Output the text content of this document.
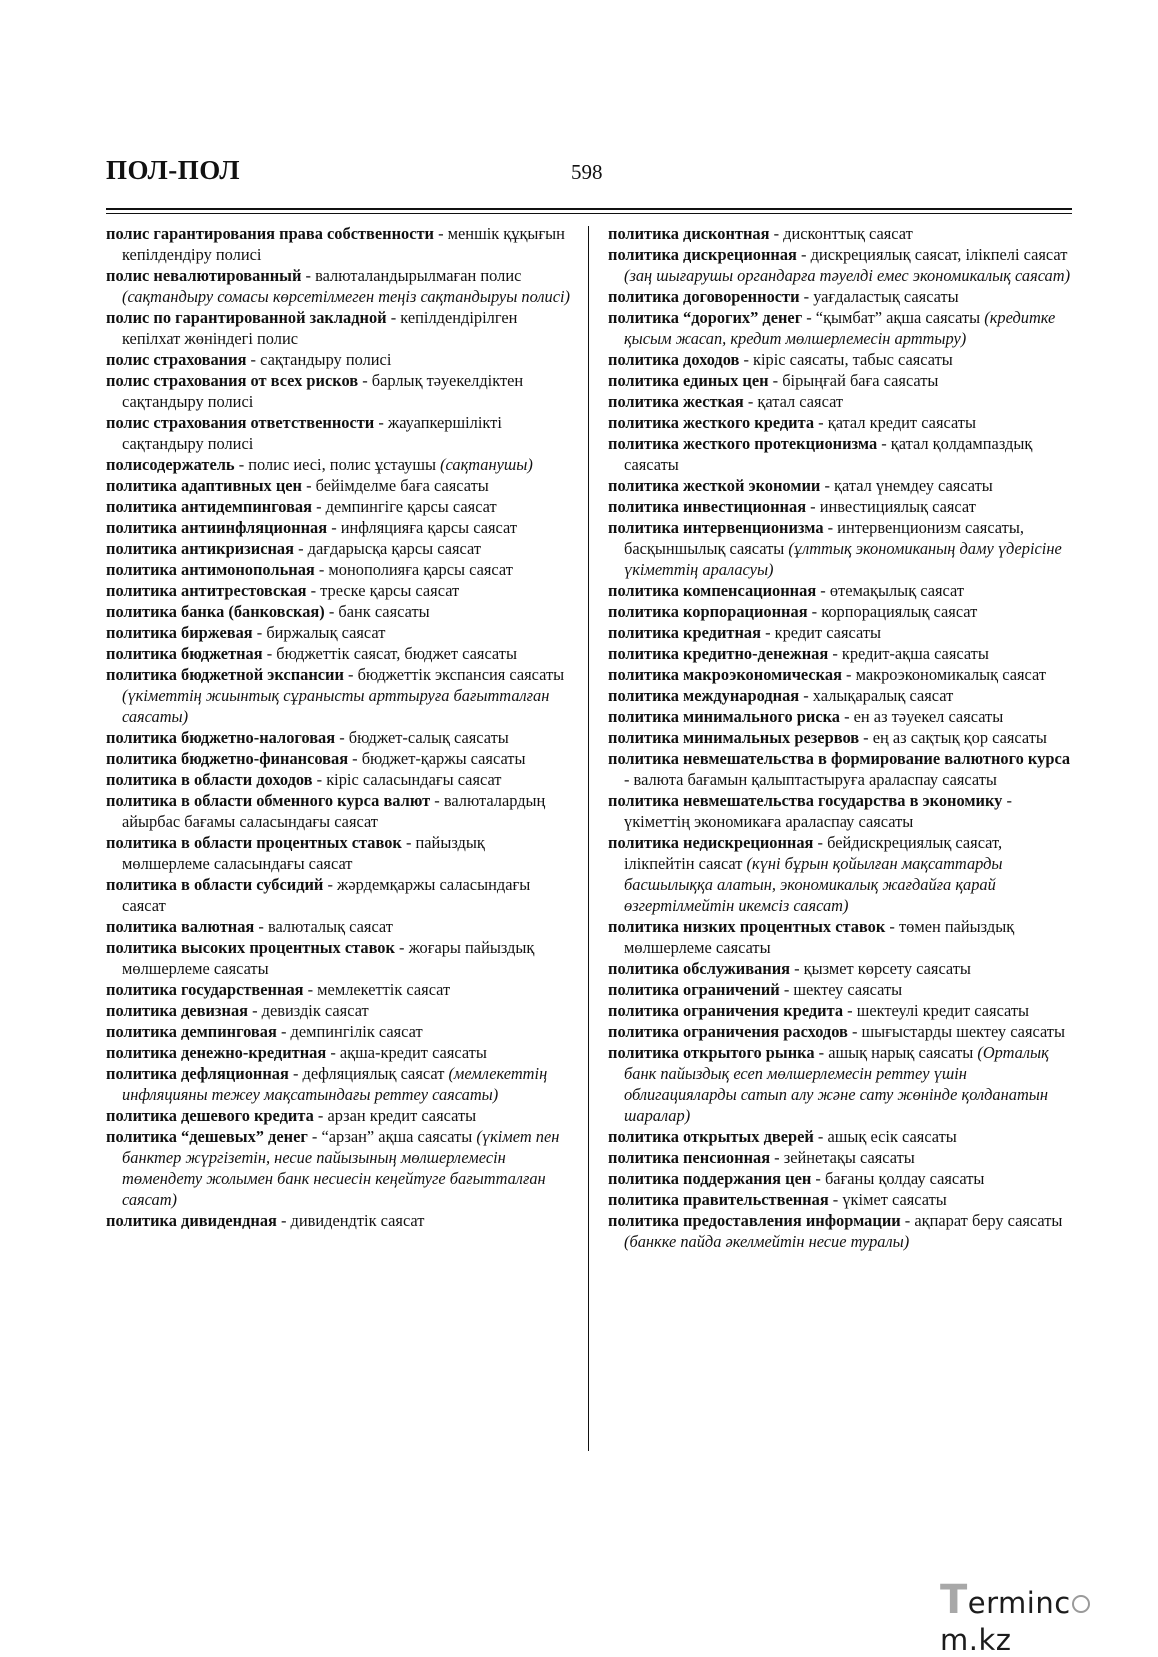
ПОЛ-ПОЛ	598
полис гарантирования права собственности - меншік құқығын кепілдендіру полисі
полис невалютированный - валюталандырылмаған полис (сақтандыру сомасы көрсетілмеген теңіз сақтандыруы полисі)
полис по гарантированной закладной - кепілдендірілген кепілхат жөніндегі полис
полис страхования - сақтандыру полисі
полис страхования от всех рисков - барлық тәуекелдіктен сақтандыру полисі
полис страхования ответственности - жауапкершіліктi сақтандыру полисі
полисодержатель - полис иесі, полис ұстаушы (сақтанушы)
политика адаптивных цен - бейімделме баға саясаты
политика антидемпинговая - демпингіге қарсы саясат
политика антиинфляционная - инфляцияға қарсы саясат
политика антикризисная - дағдарысқа қарсы саясат
политика антимонопольная - монополияға қарсы саясат
политика антитрестовская - треске қарсы саясат
политика банка (банковская) - банк саясаты
политика биржевая - биржалық саясат
политика бюджетная - бюджеттік саясат, бюджет саясаты
политика бюджетной экспансии - бюджеттік экспансия саясаты (үкіметтің жиынтық сұранысты арттыруға бағытталған саясаты)
политика бюджетно-налоговая - бюджет-салық саясаты
политика бюджетно-финансовая - бюджет-қаржы саясаты
политика в области доходов - кіріс саласындағы саясат
политика в области обменного курса валют - валюталардың айырбас бағамы саласындағы саясат
политика в области процентных ставок - пайыздық мөлшерлеме саласындағы саясат
политика в области субсидий - жәрдемқаржы саласындағы саясат
политика валютная - валюталық саясат
политика высоких процентных ставок - жоғары пайыздық мөлшерлеме саясаты
политика государственная - мемлекеттік саясат
политика девизная - девиздік саясат
политика демпинговая - демпингілік саясат
политика денежно-кредитная - ақша-кредит саясаты
политика дефляционная - дефляциялық саясат (мемлекеттің инфляцияны тежеу мақсатындағы реттеу саясаты)
политика дешевого кредита - арзан кредит саясаты
политика “дешевых” денег - “арзан” ақша саясаты (үкімет пен банктер жүргізетін, несие пайызының мөлшерлемесін төмендету жолымен банк несиесін кеңейтуге бағытталған саясат)
политика дивидендная - дивидендтік саясат
политика дисконтная - дисконттық саясат
политика дискреционная - дискрециялық саясат, ілікпелі саясат (заң шығарушы органдарға тәуелді емес экономикалық саясат)
политика договоренности - уағдаластық саясаты
политика “дорогих” денег - “қымбат” ақша саясаты (кредитке қысым жасап, кредит мөлшерлемесін арттыру)
политика доходов - кіріс саясаты, табыс саясаты
политика единых цен - бірыңғай баға саясаты
политика жесткая - қатал саясат
политика жесткого кредита - қатал кредит саясаты
политика жесткого протекционизма - қатал қолдампаздық саясаты
политика жесткой экономии - қатал үнемдеу саясаты
политика инвестиционная - инвестициялық саясат
политика интервенционизма - интервенционизм саясаты, басқыншылық саясаты (ұлттық экономиканың даму үдерісіне үкіметтің араласуы)
политика компенсационная - өтемақылық саясат
политика корпорационная - корпорациялық саясат
политика кредитная - кредит саясаты
политика кредитно-денежная - кредит-ақша саясаты
политика макроэкономическая - макроэкономикалық саясат
политика международная - халықаралық саясат
политика минимального риска - ен аз тәуекел саясаты
политика минимальных резервов - ең аз сақтық қор саясаты
политика невмешательства в формирование валютного курса - валюта бағамын қалыптастыруға араласпау саясаты
политика невмешательства государства в экономику - үкіметтің экономикаға араласпау саясаты
политика недискреционная - бейдискрециялық саясат, ілікпейтін саясат (күні бұрын қойылған мақсаттарды басшылыққа алатын, экономикалық жағдайға қарай өзгертілмейтін икемсіз саясат)
политика низких процентных ставок - төмен пайыздық мөлшерлеме саясаты
политика обслуживания - қызмет көрсету саясаты
политика ограничений - шектеу саясаты
политика ограничения кредита - шектеулі кредит саясаты
политика ограничения расходов - шығыстарды шектеу саясаты
политика открытого рынка - ашық нарық саясаты (Орталық банк пайыздық есеп мөлшерлемесін реттеу үшін облигацияларды сатып алу және сату жөнінде қолданатын шаралар)
политика открытых дверей - ашық есік саясаты
политика пенсионная - зейнетақы саясаты
политика поддержания цен - бағаны қолдау саясаты
политика правительственная - үкімет саясаты
политика предоставления информации - ақпарат беру саясаты (банкке пайда әкелмейтін несие туралы)
Termincm.kz
